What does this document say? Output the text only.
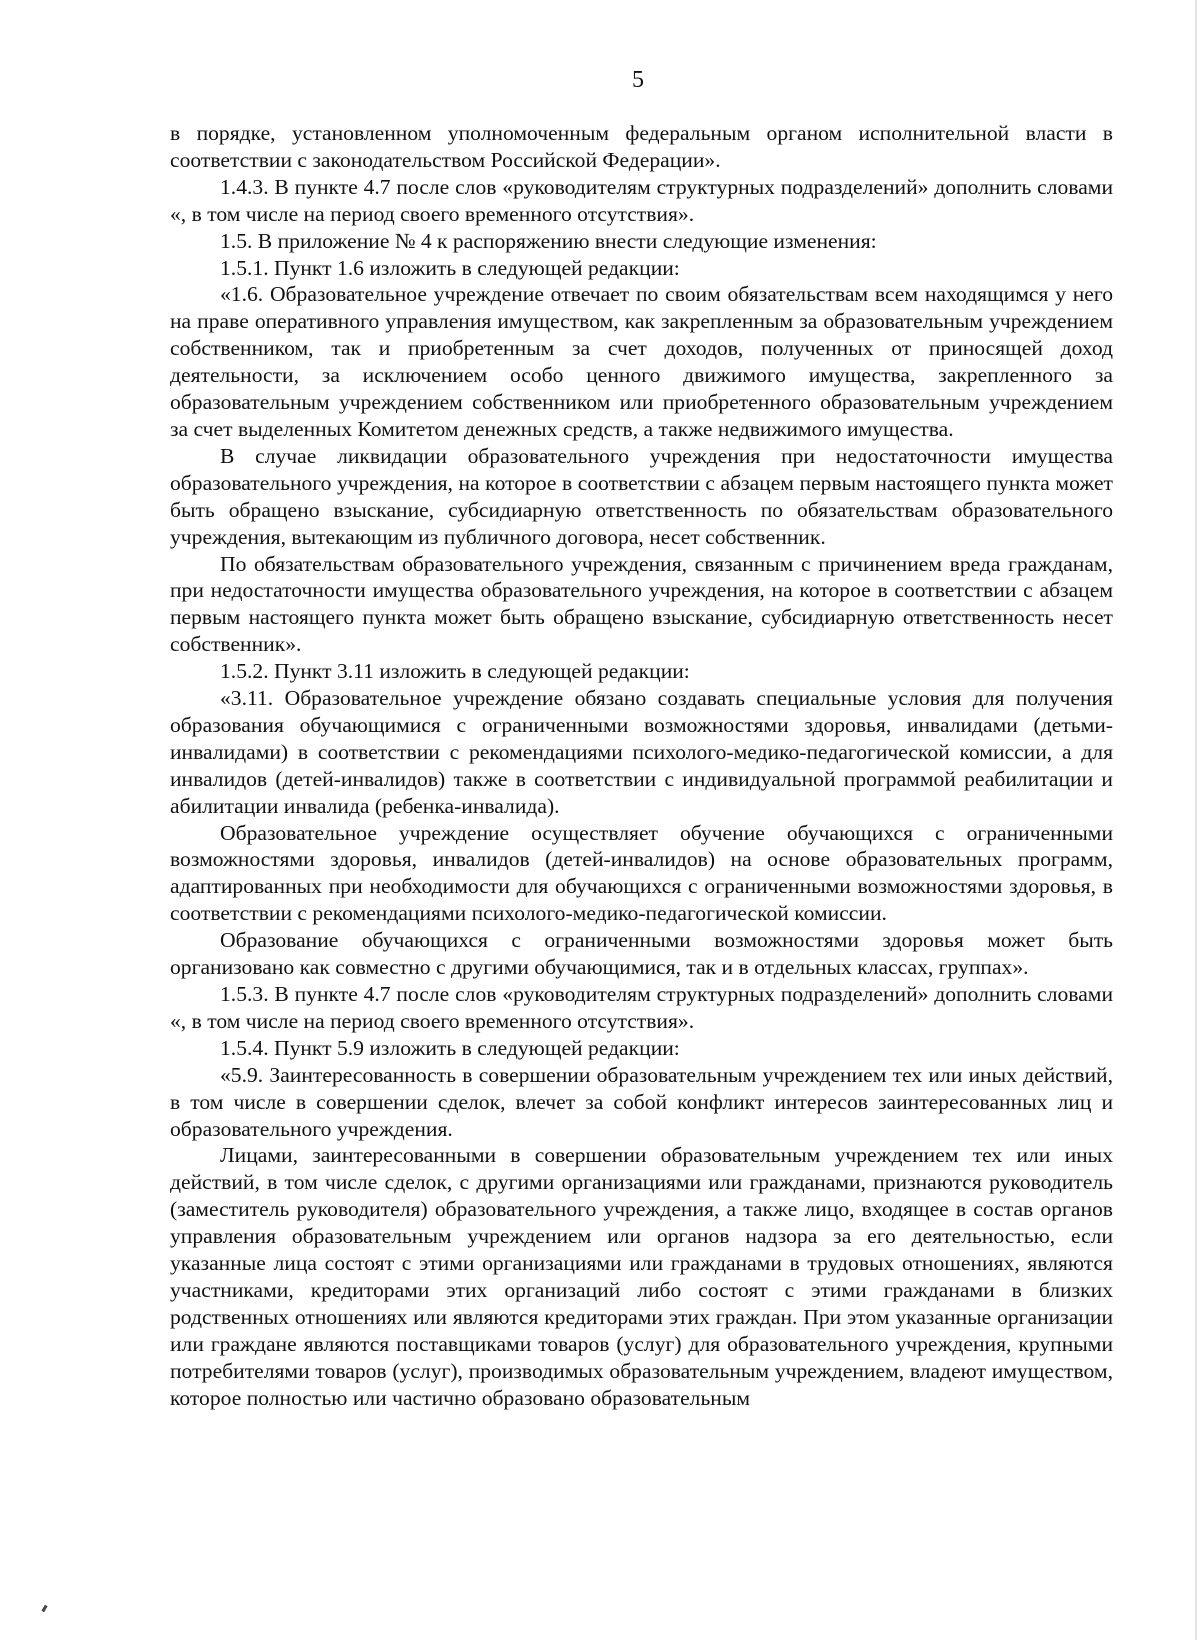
5

в порядке, установленном уполномоченным федеральным органом исполнительной власти в соответствии с законодательством Российской Федерации».

1.4.3. В пункте 4.7 после слов «руководителям структурных подразделений» дополнить словами «, в том числе на период своего временного отсутствия».

1.5. В приложение № 4 к распоряжению внести следующие изменения:

1.5.1. Пункт 1.6 изложить в следующей редакции:

«1.6. Образовательное учреждение отвечает по своим обязательствам всем находящимся у него на праве оперативного управления имуществом, как закрепленным за образовательным учреждением собственником, так и приобретенным за счет доходов, полученных от приносящей доход деятельности, за исключением особо ценного движимого имущества, закрепленного за образовательным учреждением собственником или приобретенного образовательным учреждением за счет выделенных Комитетом денежных средств, а также недвижимого имущества.

В случае ликвидации образовательного учреждения при недостаточности имущества образовательного учреждения, на которое в соответствии с абзацем первым настоящего пункта может быть обращено взыскание, субсидиарную ответственность по обязательствам образовательного учреждения, вытекающим из публичного договора, несет собственник.

По обязательствам образовательного учреждения, связанным с причинением вреда гражданам, при недостаточности имущества образовательного учреждения, на которое в соответствии с абзацем первым настоящего пункта может быть обращено взыскание, субсидиарную ответственность несет собственник».

1.5.2. Пункт 3.11 изложить в следующей редакции:

«3.11. Образовательное учреждение обязано создавать специальные условия для получения образования обучающимися с ограниченными возможностями здоровья, инвалидами (детьми-инвалидами) в соответствии с рекомендациями психолого-медико-педагогической комиссии, а для инвалидов (детей-инвалидов) также в соответствии с индивидуальной программой реабилитации и абилитации инвалида (ребенка-инвалида).

Образовательное учреждение осуществляет обучение обучающихся с ограниченными возможностями здоровья, инвалидов (детей-инвалидов) на основе образовательных программ, адаптированных при необходимости для обучающихся с ограниченными возможностями здоровья, в соответствии с рекомендациями психолого-медико-педагогической комиссии.

Образование обучающихся с ограниченными возможностями здоровья может быть организовано как совместно с другими обучающимися, так и в отдельных классах, группах».

1.5.3. В пункте 4.7 после слов «руководителям структурных подразделений» дополнить словами «, в том числе на период своего временного отсутствия».

1.5.4. Пункт 5.9 изложить в следующей редакции:

«5.9. Заинтересованность в совершении образовательным учреждением тех или иных действий, в том числе в совершении сделок, влечет за собой конфликт интересов заинтересованных лиц и образовательного учреждения.

Лицами, заинтересованными в совершении образовательным учреждением тех или иных действий, в том числе сделок, с другими организациями или гражданами, признаются руководитель (заместитель руководителя) образовательного учреждения, а также лицо, входящее в состав органов управления образовательным учреждением или органов надзора за его деятельностью, если указанные лица состоят с этими организациями или гражданами в трудовых отношениях, являются участниками, кредиторами этих организаций либо состоят с этими гражданами в близких родственных отношениях или являются кредиторами этих граждан. При этом указанные организации или граждане являются поставщиками товаров (услуг) для образовательного учреждения, крупными потребителями товаров (услуг), производимых образовательным учреждением, владеют имуществом, которое полностью или частично образовано образовательным
